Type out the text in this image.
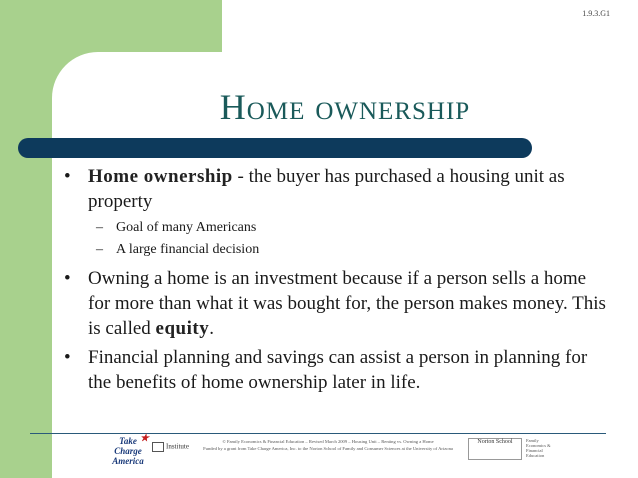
1.9.3.G1
Home ownership
• Home ownership - the buyer has purchased a housing unit as property
– Goal of many Americans
– A large financial decision
• Owning a home is an investment because if a person sells a home for more than what it was bought for, the person makes money. This is called equity.
• Financial planning and savings can assist a person in planning for the benefits of home ownership later in life.
Take Charge America
★
Institute
© Family Economics & Financial Education – Revised March 2009 – Housing Unit – Renting vs. Owning a Home
Funded by a grant from Take Charge America, Inc. to the Norton School of Family and Consumer Sciences at the University of Arizona
Norton School	Family Economics & Financial Education
